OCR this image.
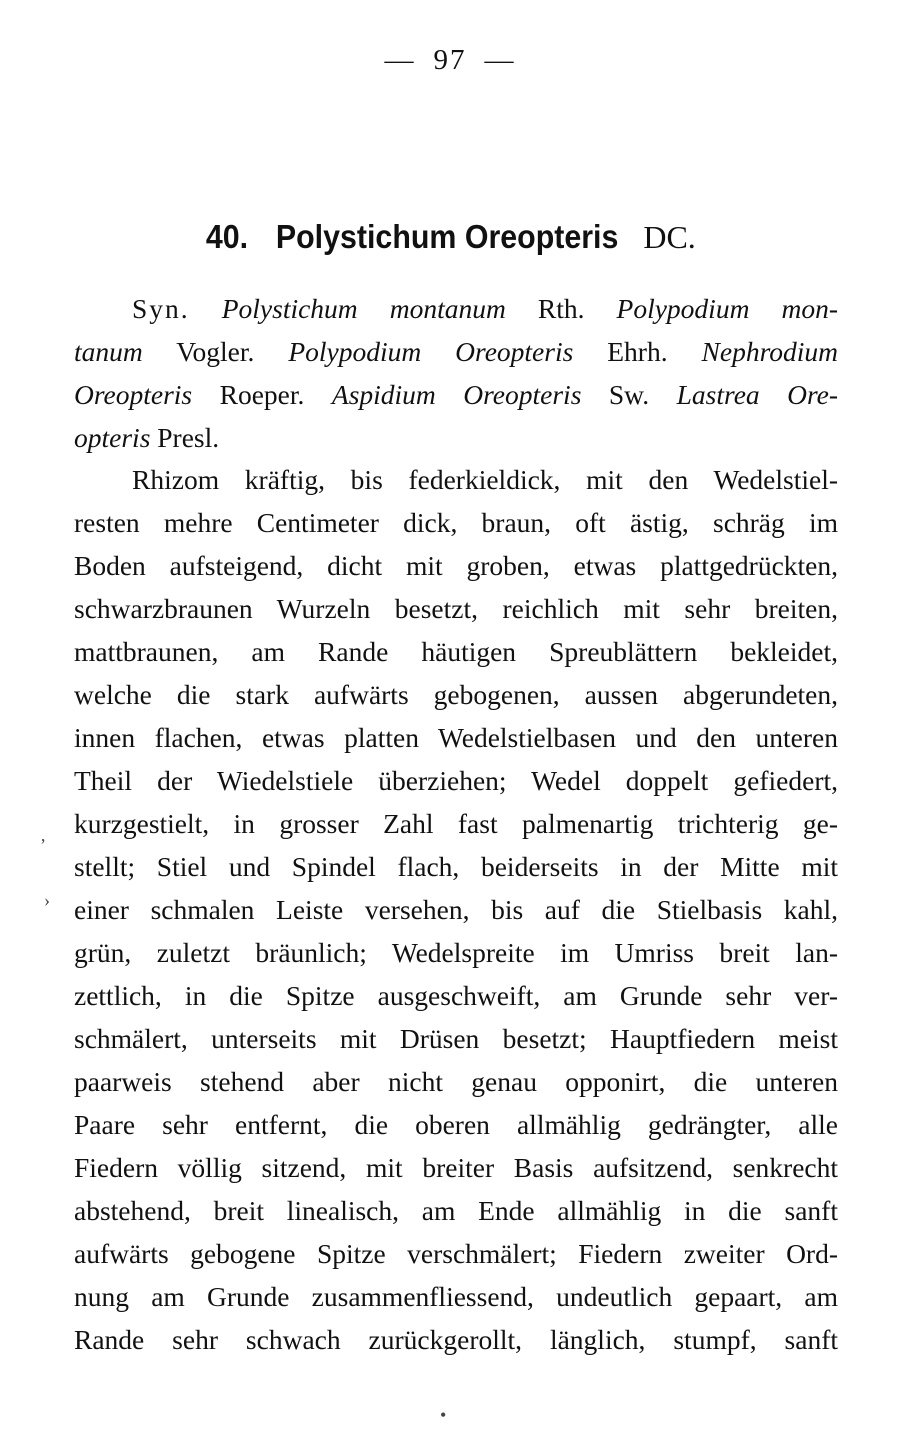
— 97 —
40. Polystichum Oreopteris DC.
Syn. Polystichum montanum Rth. Polypodium mon-
tanum Vogler. Polypodium Oreopteris Ehrh. Nephrodium
Oreopteris Roeper. Aspidium Oreopteris Sw. Lastrea Ore-
opteris Presl.
Rhizom kräftig, bis federkieldick, mit den Wedelstiel-
resten mehre Centimeter dick, braun, oft ästig, schräg im
Boden aufsteigend, dicht mit groben, etwas plattgedrückten,
schwarzbraunen Wurzeln besetzt, reichlich mit sehr breiten,
mattbraunen, am Rande häutigen Spreublättern bekleidet,
welche die stark aufwärts gebogenen, aussen abgerundeten,
innen flachen, etwas platten Wedelstielbasen und den unteren
Theil der Wiedelstiele überziehen; Wedel doppelt gefiedert,
kurzgestielt, in grosser Zahl fast palmenartig trichterig ge-
stellt; Stiel und Spindel flach, beiderseits in der Mitte mit
einer schmalen Leiste versehen, bis auf die Stielbasis kahl,
grün, zuletzt bräunlich; Wedelspreite im Umriss breit lan-
zettlich, in die Spitze ausgeschweift, am Grunde sehr ver-
schmälert, unterseits mit Drüsen besetzt; Hauptfiedern meist
paarweis stehend aber nicht genau opponirt, die unteren
Paare sehr entfernt, die oberen allmählig gedrängter, alle
Fiedern völlig sitzend, mit breiter Basis aufsitzend, senkrecht
abstehend, breit linealisch, am Ende allmählig in die sanft
aufwärts gebogene Spitze verschmälert; Fiedern zweiter Ord-
nung am Grunde zusammenfliessend, undeutlich gepaart, am
Rande sehr schwach zurückgerollt, länglich, stumpf, sanft
’
›
•
